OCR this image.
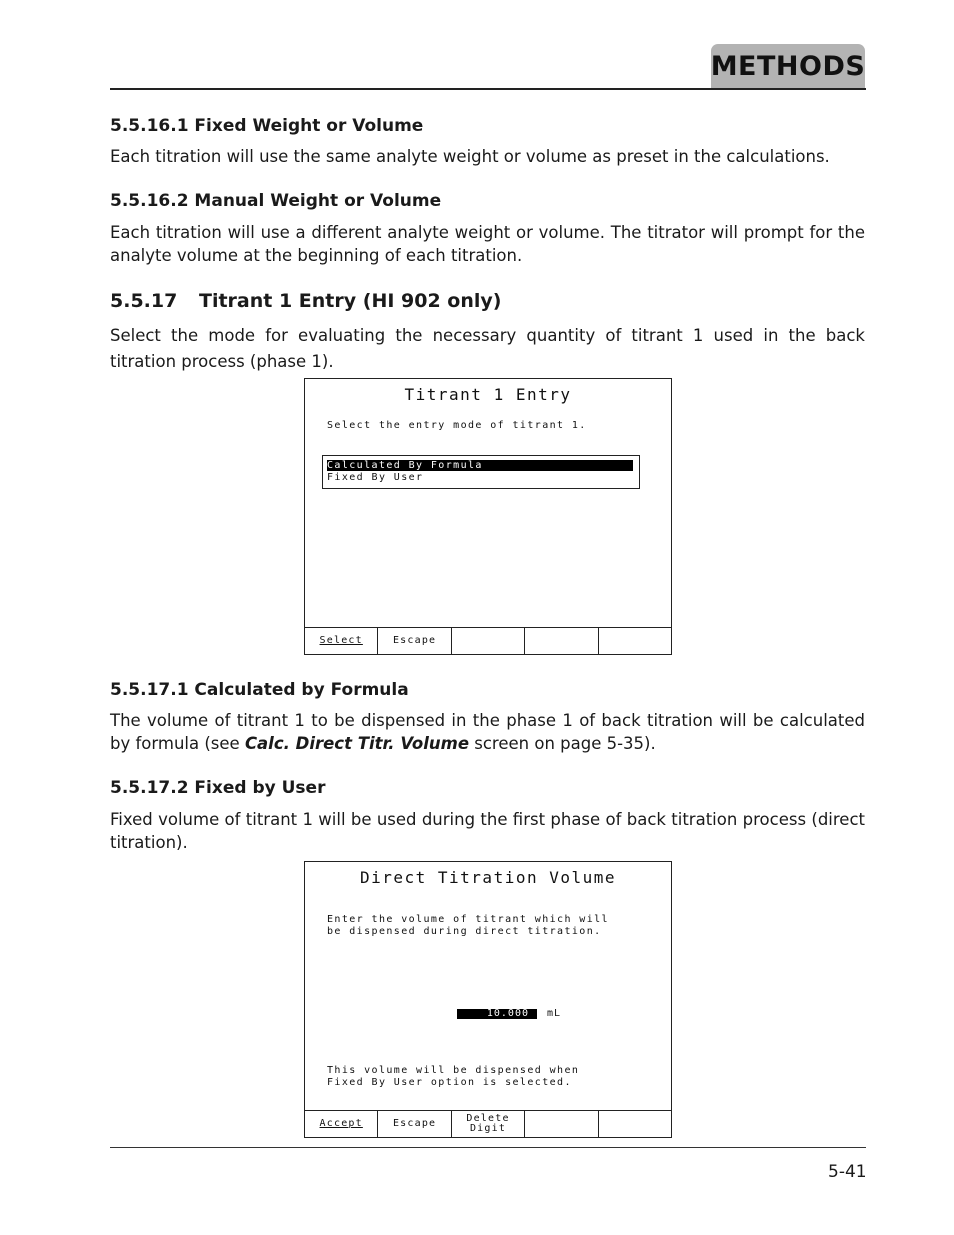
METHODS
5.5.16.1 Fixed Weight or Volume

Each titration will use the same analyte weight or volume as preset in the calculations.

5.5.16.2 Manual Weight or Volume

Each titration will use a different analyte weight or volume. The titrator will prompt for the analyte volume at the beginning of each titration.

5.5.17 Titrant 1 Entry (HI 902 only)

Select the mode for evaluating the necessary quantity of titrant 1 used in the back titration process (phase 1).

Titrant 1 Entry
Select the entry mode of titrant 1.
Calculated By Formula
Fixed By User
Select	Escape
5.5.17.1 Calculated by Formula

The volume of titrant 1 to be dispensed in the phase 1 of back titration will be calculated by formula (see Calc. Direct Titr. Volume screen on page 5-35).

5.5.17.2 Fixed by User

Fixed volume of titrant 1 will be used during the first phase of back titration process (direct titration).

Direct Titration Volume
Enter the volume of titrant which will
be dispensed during direct titration.
10.000	mL
This volume will be dispensed when
Fixed By User option is selected.
Accept	Escape	Delete
Digit
5-41
